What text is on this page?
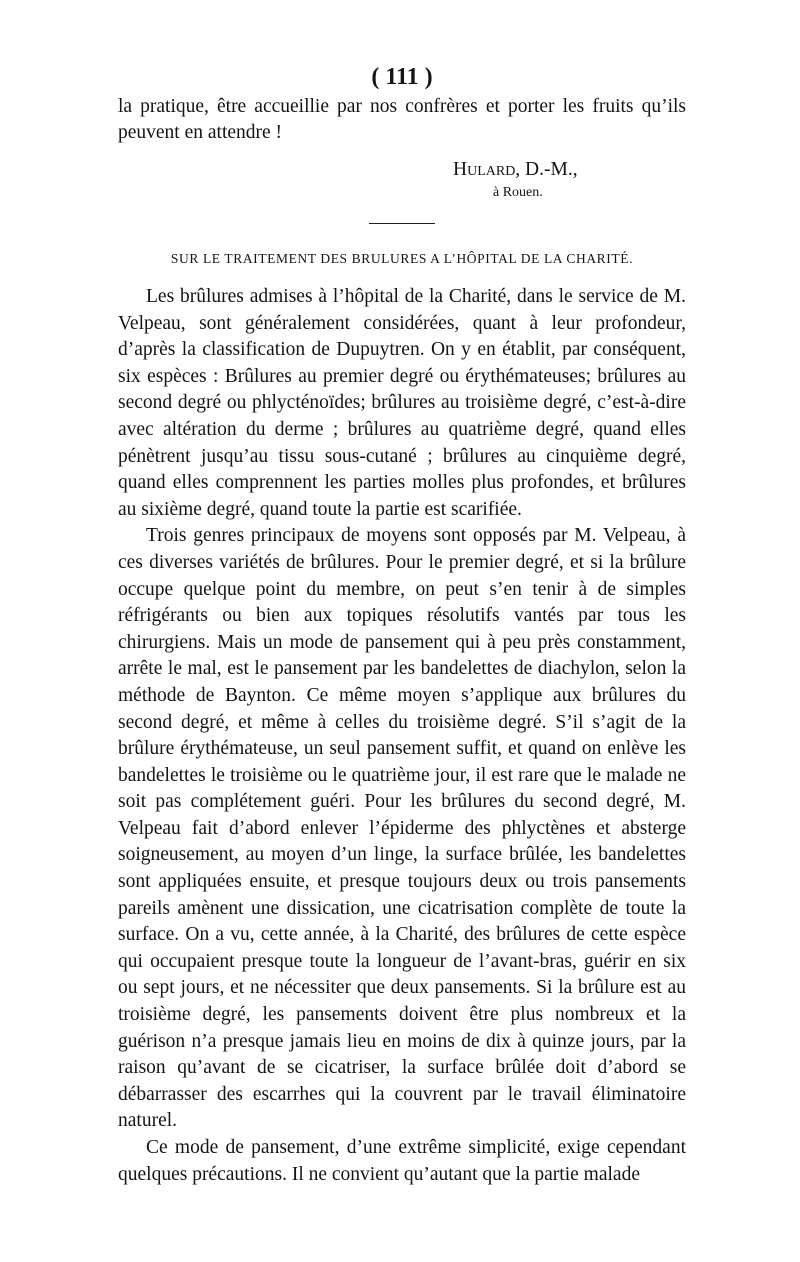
( 111 )

la pratique, être accueillie par nos confrères et porter les fruits qu’ils peuvent en attendre !

Hulard, D.-M.,
à Rouen.
SUR LE TRAITEMENT DES BRULURES A L’HÔPITAL DE LA CHARITÉ.

Les brûlures admises à l’hôpital de la Charité, dans le service de M. Velpeau, sont généralement considérées, quant à leur profondeur, d’après la classification de Dupuytren. On y en établit, par conséquent, six espèces : Brûlures au premier degré ou érythémateuses; brûlures au second degré ou phlycténoïdes; brûlures au troisième degré, c’est-à-dire avec altération du derme ; brûlures au quatrième degré, quand elles pénètrent jusqu’au tissu sous-cutané ; brûlures au cinquième degré, quand elles comprennent les parties molles plus profondes, et brûlures au sixième degré, quand toute la partie est scarifiée.

Trois genres principaux de moyens sont opposés par M. Velpeau, à ces diverses variétés de brûlures. Pour le premier degré, et si la brûlure occupe quelque point du membre, on peut s’en tenir à de simples réfrigérants ou bien aux topiques résolutifs vantés par tous les chirurgiens. Mais un mode de pansement qui à peu près constamment, arrête le mal, est le pansement par les bandelettes de diachylon, selon la méthode de Baynton. Ce même moyen s’applique aux brûlures du second degré, et même à celles du troisième degré. S’il s’agit de la brûlure érythémateuse, un seul pansement suffit, et quand on enlève les bandelettes le troisième ou le quatrième jour, il est rare que le malade ne soit pas complétement guéri. Pour les brûlures du second degré, M. Velpeau fait d’abord enlever l’épiderme des phlyctènes et absterge soigneusement, au moyen d’un linge, la surface brûlée, les bandelettes sont appliquées ensuite, et presque toujours deux ou trois pansements pareils amènent une dissication, une cicatrisation complète de toute la surface. On a vu, cette année, à la Charité, des brûlures de cette espèce qui occupaient presque toute la longueur de l’avant-bras, guérir en six ou sept jours, et ne nécessiter que deux pansements. Si la brûlure est au troisième degré, les pansements doivent être plus nombreux et la guérison n’a presque jamais lieu en moins de dix à quinze jours, par la raison qu’avant de se cicatriser, la surface brûlée doit d’abord se débarrasser des escarrhes qui la couvrent par le travail éliminatoire naturel.

Ce mode de pansement, d’une extrême simplicité, exige cependant quelques précautions. Il ne convient qu’autant que la partie malade
